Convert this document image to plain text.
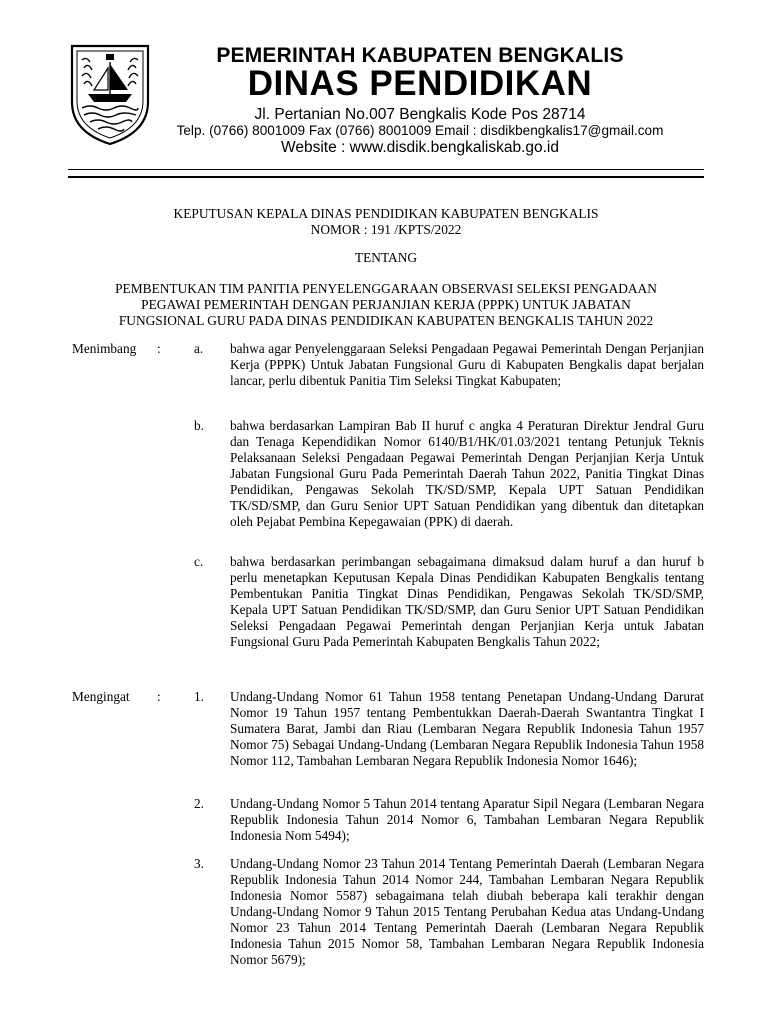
PEMERINTAH KABUPATEN BENGKALIS
DINAS PENDIDIKAN
Jl. Pertanian No.007 Bengkalis Kode Pos 28714
Telp. (0766) 8001009 Fax (0766) 8001009 Email : disdikbengkalis17@gmail.com
Website : www.disdik.bengkaliskab.go.id
KEPUTUSAN KEPALA DINAS PENDIDIKAN KABUPATEN BENGKALIS
NOMOR : 191 /KPTS/2022
TENTANG
PEMBENTUKAN TIM PANITIA PENYELENGGARAAN OBSERVASI SELEKSI PENGADAAN
PEGAWAI PEMERINTAH DENGAN PERJANJIAN KERJA (PPPK) UNTUK JABATAN
FUNGSIONAL GURU PADA DINAS PENDIDIKAN KABUPATEN BENGKALIS TAHUN 2022
Menimbang :	a. bahwa agar Penyelenggaraan Seleksi Pengadaan Pegawai Pemerintah Dengan Perjanjian Kerja (PPPK) Untuk Jabatan Fungsional Guru di Kabupaten Bengkalis dapat berjalan lancar, perlu dibentuk Panitia Tim Seleksi Tingkat Kabupaten;
b. bahwa berdasarkan Lampiran Bab II huruf c angka 4 Peraturan Direktur Jendral Guru dan Tenaga Kependidikan Nomor 6140/B1/HK/01.03/2021 tentang Petunjuk Teknis Pelaksanaan Seleksi Pengadaan Pegawai Pemerintah Dengan Perjanjian Kerja Untuk Jabatan Fungsional Guru Pada Pemerintah Daerah Tahun 2022, Panitia Tingkat Dinas Pendidikan, Pengawas Sekolah TK/SD/SMP, Kepala UPT Satuan Pendidikan TK/SD/SMP, dan Guru Senior UPT Satuan Pendidikan yang dibentuk dan ditetapkan oleh Pejabat Pembina Kepegawaian (PPK) di daerah.
c. bahwa berdasarkan perimbangan sebagaimana dimaksud dalam huruf a dan huruf b perlu menetapkan Keputusan Kepala Dinas Pendidikan Kabupaten Bengkalis tentang Pembentukan Panitia Tingkat Dinas Pendidikan, Pengawas Sekolah TK/SD/SMP, Kepala UPT Satuan Pendidikan TK/SD/SMP, dan Guru Senior UPT Satuan Pendidikan Seleksi Pengadaan Pegawai Pemerintah dengan Perjanjian Kerja untuk Jabatan Fungsional Guru Pada Pemerintah Kabupaten Bengkalis Tahun 2022;
Mengingat :	1. Undang-Undang Nomor 61 Tahun 1958 tentang Penetapan Undang-Undang Darurat Nomor 19 Tahun 1957 tentang Pembentukkan Daerah-Daerah Swantantra Tingkat I Sumatera Barat, Jambi dan Riau (Lembaran Negara Republik Indonesia Tahun 1957 Nomor 75) Sebagai Undang-Undang (Lembaran Negara Republik Indonesia Tahun 1958 Nomor 112, Tambahan Lembaran Negara Republik Indonesia Nomor 1646);
2. Undang-Undang Nomor 5 Tahun 2014 tentang Aparatur Sipil Negara (Lembaran Negara Republik Indonesia Tahun 2014 Nomor 6, Tambahan Lembaran Negara Republik Indonesia Nom 5494);
3. Undang-Undang Nomor 23 Tahun 2014 Tentang Pemerintah Daerah (Lembaran Negara Republik Indonesia Tahun 2014 Nomor 244, Tambahan Lembaran Negara Republik Indonesia Nomor 5587) sebagaimana telah diubah beberapa kali terakhir dengan Undang-Undang Nomor 9 Tahun 2015 Tentang Perubahan Kedua atas Undang-Undang Nomor 23 Tahun 2014 Tentang Pemerintah Daerah (Lembaran Negara Republik Indonesia Tahun 2015 Nomor 58, Tambahan Lembaran Negara Republik Indonesia Nomor 5679);
